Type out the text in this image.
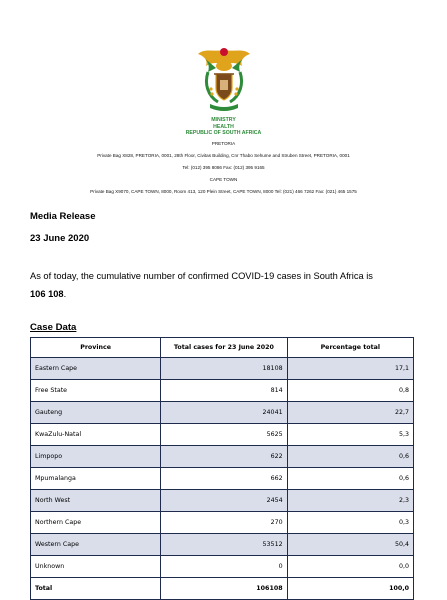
MINISTRY
HEALTH
REPUBLIC OF SOUTH AFRICA
PRETORIA
Private Bag X828, PRETORIA, 0001, 28th Floor, Civitas Building, Cnr Thabo Sehume and Struben Street, PRETORIA, 0001
Tel: (012) 395 8086 Fax: (012) 395 9165
CAPE TOWN
Private Bag X9070, CAPE TOWN, 8000, Room 413, 120 Plein Street, CAPE TOWN, 8000 Tel: (021) 466 7262 Fax: (021) 465 1575
Media Release
23 June 2020
As of today, the cumulative number of confirmed COVID-19 cases in South Africa is
106 108.
Case Data
Province	Total cases for 23 June 2020	Percentage total
Eastern Cape	18108	17,1
Free State	814	0,8
Gauteng	24041	22,7
KwaZulu-Natal	5625	5,3
Limpopo	622	0,6
Mpumalanga	662	0,6
North West	2454	2,3
Northern Cape	270	0,3
Western Cape	53512	50,4
Unknown	0	0,0
Total	106108	100,0
